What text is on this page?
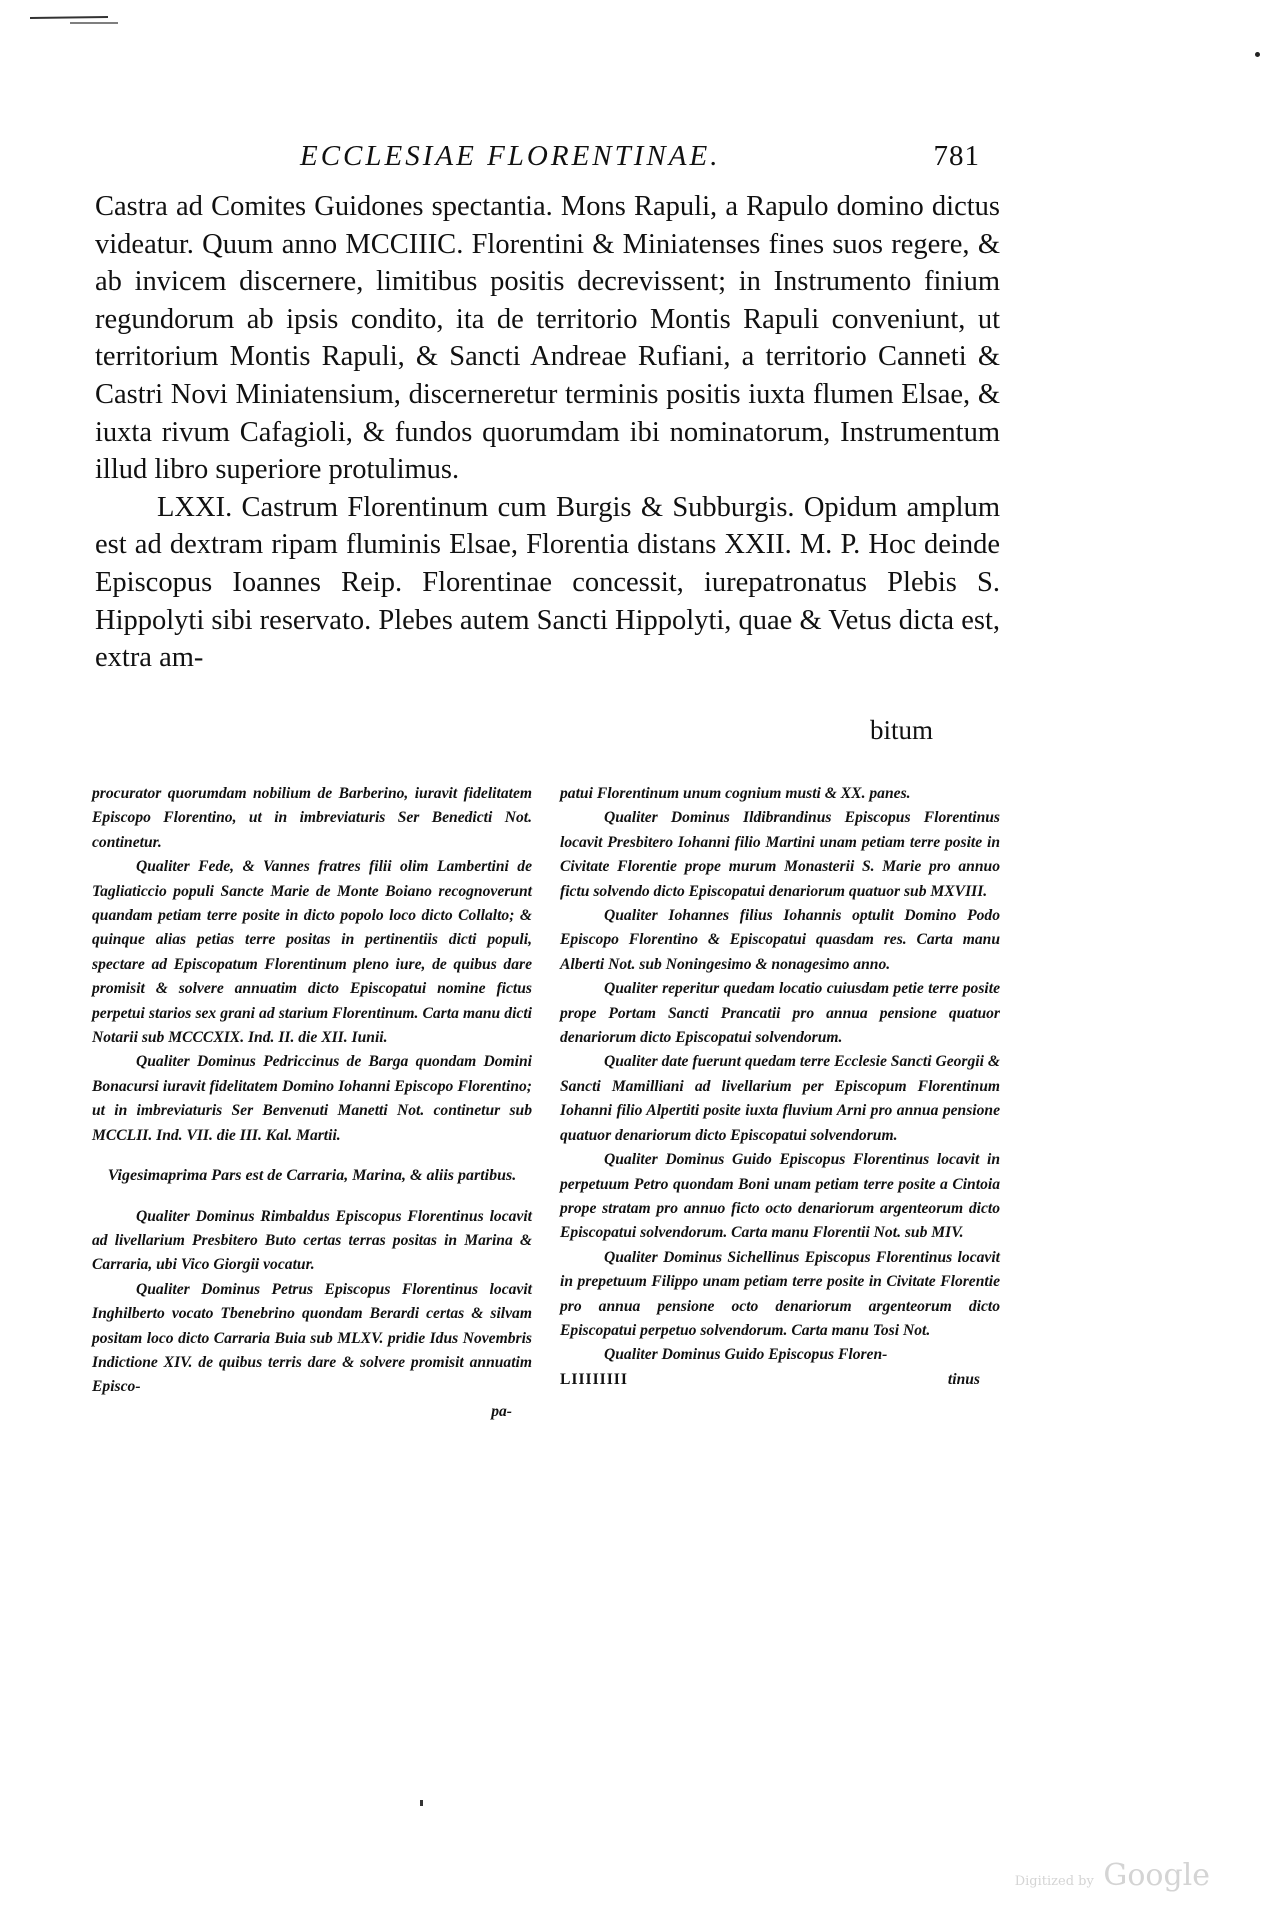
ECCLESIAE FLORENTINAE.	781

Castra ad Comites Guidones spectantia. Mons Rapuli, a Rapulo domino dictus videatur. Quum anno MCCIIIC. Florentini & Miniatenses fines suos regere, & ab invicem discernere, limitibus positis decrevissent; in Instrumento finium regundorum ab ipsis condito, ita de territorio Montis Rapuli conveniunt, ut territorium Montis Rapuli, & Sancti Andreae Rufiani, a territorio Canneti & Castri Novi Miniatensium, discerneretur terminis positis iuxta flumen Elsae, & iuxta rivum Cafagioli, & fundos quorumdam ibi nominatorum, Instrumentum illud libro superiore protulimus.

LXXI. Castrum Florentinum cum Burgis & Subburgis. Opidum amplum est ad dextram ripam fluminis Elsae, Florentia distans XXII. M. P. Hoc deinde Episcopus Ioannes Reip. Florentinae concessit, iurepatronatus Plebis S. Hippolyti sibi reservato. Plebes autem Sancti Hippolyti, quae & Vetus dicta est, extra am-

bitum

procurator quorumdam nobilium de Barberino, iuravit fidelitatem Episcopo Florentino, ut in imbreviaturis Ser Benedicti Not. continetur.

Qualiter Fede, & Vannes fratres filii olim Lambertini de Tagliaticcio populi Sancte Marie de Monte Boiano recognoverunt quandam petiam terre posite in dicto popolo loco dicto Collalto; & quinque alias petias terre positas in pertinentiis dicti populi, spectare ad Episcopatum Florentinum pleno iure, de quibus dare promisit & solvere annuatim dicto Episcopatui nomine fictus perpetui starios sex grani ad starium Florentinum. Carta manu dicti Notarii sub MCCCXIX. Ind. II. die XII. Iunii.

Qualiter Dominus Pedriccinus de Barga quondam Domini Bonacursi iuravit fidelitatem Domino Iohanni Episcopo Florentino; ut in imbreviaturis Ser Benvenuti Manetti Not. continetur sub MCCLII. Ind. VII. die III. Kal. Martii.

Vigesimaprima Pars est de Carraria, Marina, & aliis partibus.

Qualiter Dominus Rimbaldus Episcopus Florentinus locavit ad livellarium Presbitero Buto certas terras positas in Marina & Carraria, ubi Vico Giorgii vocatur.

Qualiter Dominus Petrus Episcopus Florentinus locavit Inghilberto vocato Tbenebrino quondam Berardi certas & silvam positam loco dicto Carraria Buia sub MLXV. pridie Idus Novembris Indictione XIV. de quibus terris dare & solvere promisit annuatim Episco-

pa-

patui Florentinum unum cognium musti & XX. panes.

Qualiter Dominus Ildibrandinus Episcopus Florentinus locavit Presbitero Iohanni filio Martini unam petiam terre posite in Civitate Florentie prope murum Monasterii S. Marie pro annuo fictu solvendo dicto Episcopatui denariorum quatuor sub MXVIII.

Qualiter Iohannes filius Iohannis optulit Domino Podo Episcopo Florentino & Episcopatui quasdam res. Carta manu Alberti Not. sub Noningesimo & nonagesimo anno.

Qualiter reperitur quedam locatio cuiusdam petie terre posite prope Portam Sancti Prancatii pro annua pensione quatuor denariorum dicto Episcopatui solvendorum.

Qualiter date fuerunt quedam terre Ecclesie Sancti Georgii & Sancti Mamilliani ad livellarium per Episcopum Florentinum Iohanni filio Alpertiti posite iuxta fluvium Arni pro annua pensione quatuor denariorum dicto Episcopatui solvendorum.

Qualiter Dominus Guido Episcopus Florentinus locavit in perpetuum Petro quondam Boni unam petiam terre posite a Cintoia prope stratam pro annuo ficto octo denariorum argenteorum dicto Episcopatui solvendorum. Carta manu Florentii Not. sub MIV.

Qualiter Dominus Sichellinus Episcopus Florentinus locavit in prepetuum Filippo unam petiam terre posite in Civitate Florentie pro annua pensione octo denariorum argenteorum dicto Episcopatui perpetuo solvendorum. Carta manu Tosi Not.

Qualiter Dominus Guido Episcopus Floren-

LIIIIIIII	tinus

Digitized by Google
